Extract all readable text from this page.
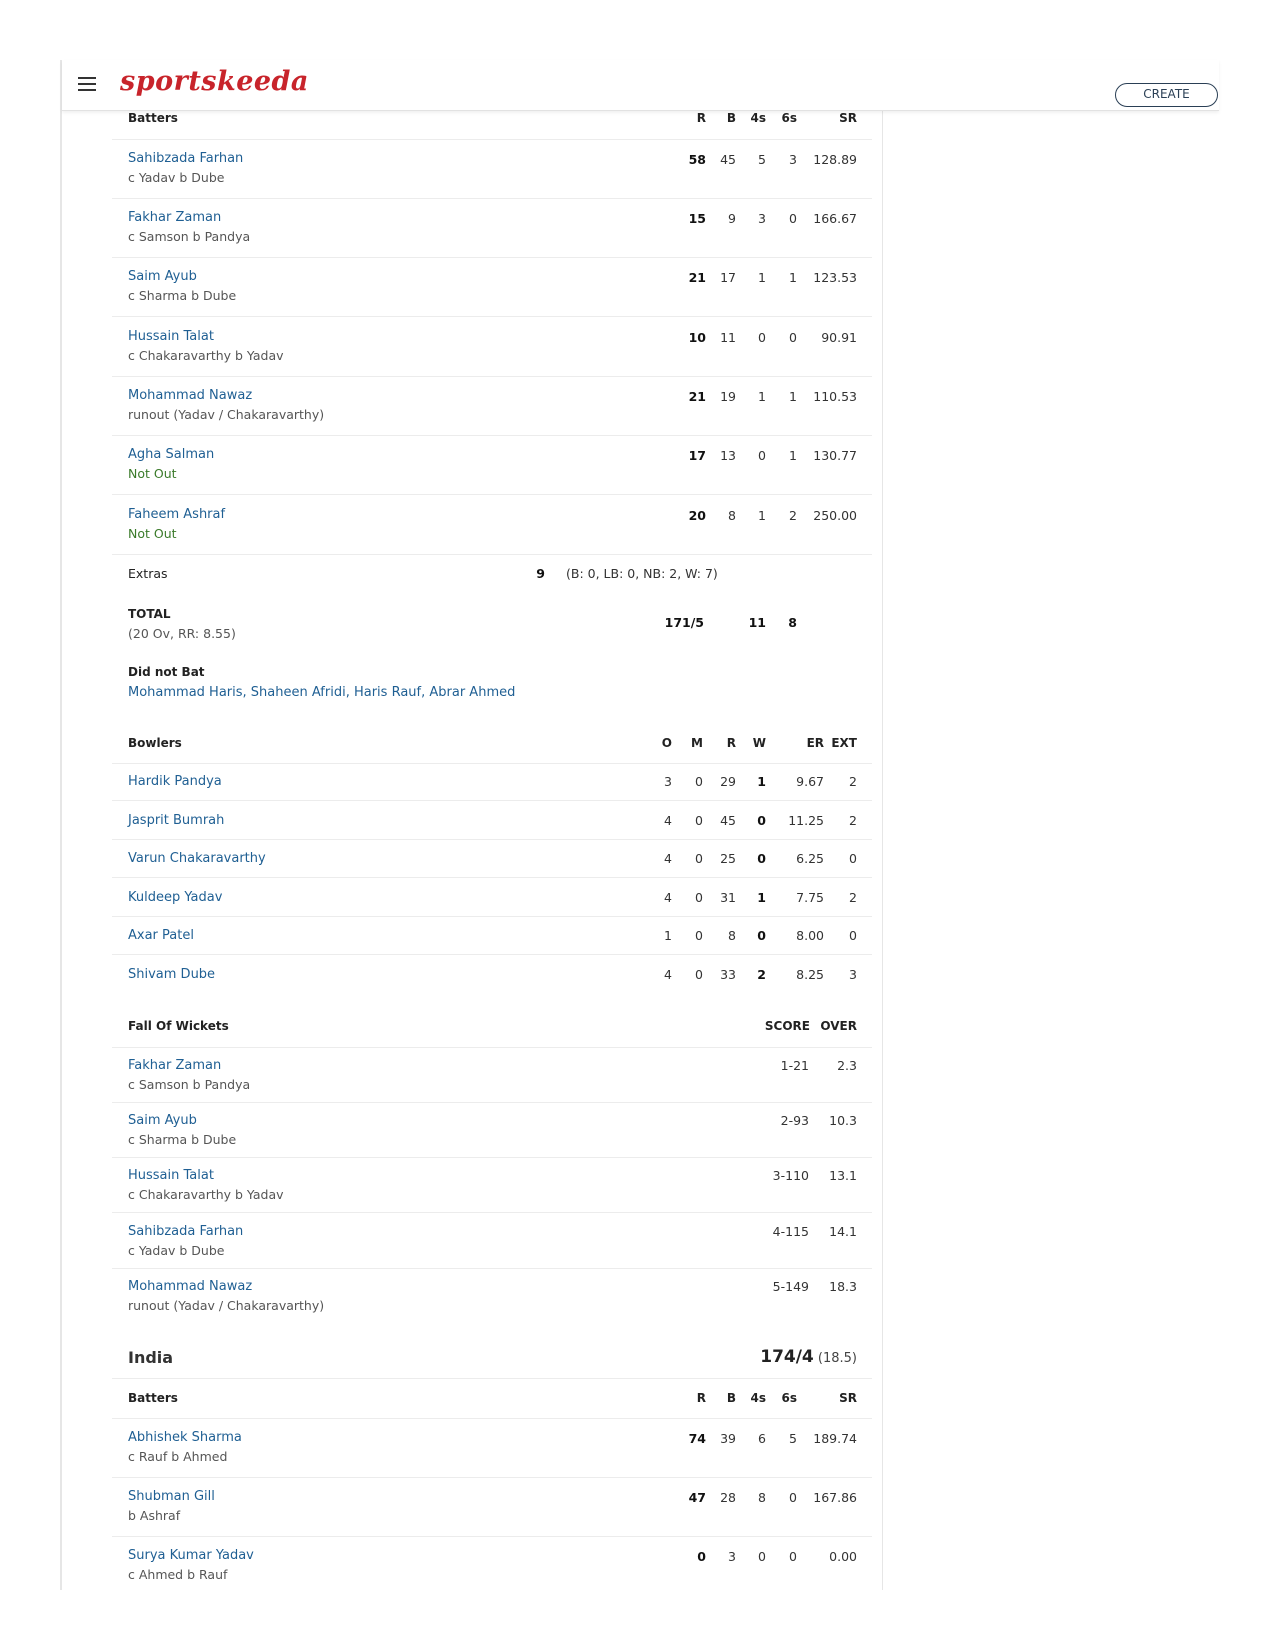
sportskeeda	CREATE
Batters	R B 4s 6s	SR
Sahibzada Farhan
c Yadav b Dube
58 45 5 3 128.89
Fakhar Zaman
c Samson b Pandya
15 9 3 0 166.67
Saim Ayub
c Sharma b Dube
21 17 1 1 123.53
Hussain Talat
c Chakaravarthy b Yadav
10 11 0 0 90.91
Mohammad Nawaz
runout (Yadav / Chakaravarthy)
21 19 1 1 110.53
Agha Salman
Not Out
17 13 0 1 130.77
Faheem Ashraf
Not Out
20 8 1 2 250.00
Extras	9 (B: 0, LB: 0, NB: 2, W: 7)
TOTAL
(20 Ov, RR: 8.55)
171/5	11 8
Did not Bat
Mohammad Haris, Shaheen Afridi, Haris Rauf, Abrar Ahmed
Bowlers	O M R W	ER EXT
Hardik Pandya	3 0 29 1 9.67 2
Jasprit Bumrah	4 0 45 0 11.25 2
Varun Chakaravarthy	4 0 25 0 6.25 0
Kuldeep Yadav	4 0 31 1 7.75 2
Axar Patel	1 0 8 0 8.00 0
Shivam Dube	4 0 33 2 8.25 3
Fall Of Wickets	SCORE OVER
Fakhar Zaman
c Samson b Pandya
1-21 2.3
Saim Ayub
c Sharma b Dube
2-93 10.3
Hussain Talat
c Chakaravarthy b Yadav
3-110 13.1
Sahibzada Farhan
c Yadav b Dube
4-115 14.1
Mohammad Nawaz
runout (Yadav / Chakaravarthy)
5-149 18.3
India	174/4 (18.5)
Batters	R B 4s 6s	SR
Abhishek Sharma
c Rauf b Ahmed
74 39 6 5 189.74
Shubman Gill
b Ashraf
47 28 8 0 167.86
Surya Kumar Yadav
c Ahmed b Rauf
0 3 0 0	0.00
